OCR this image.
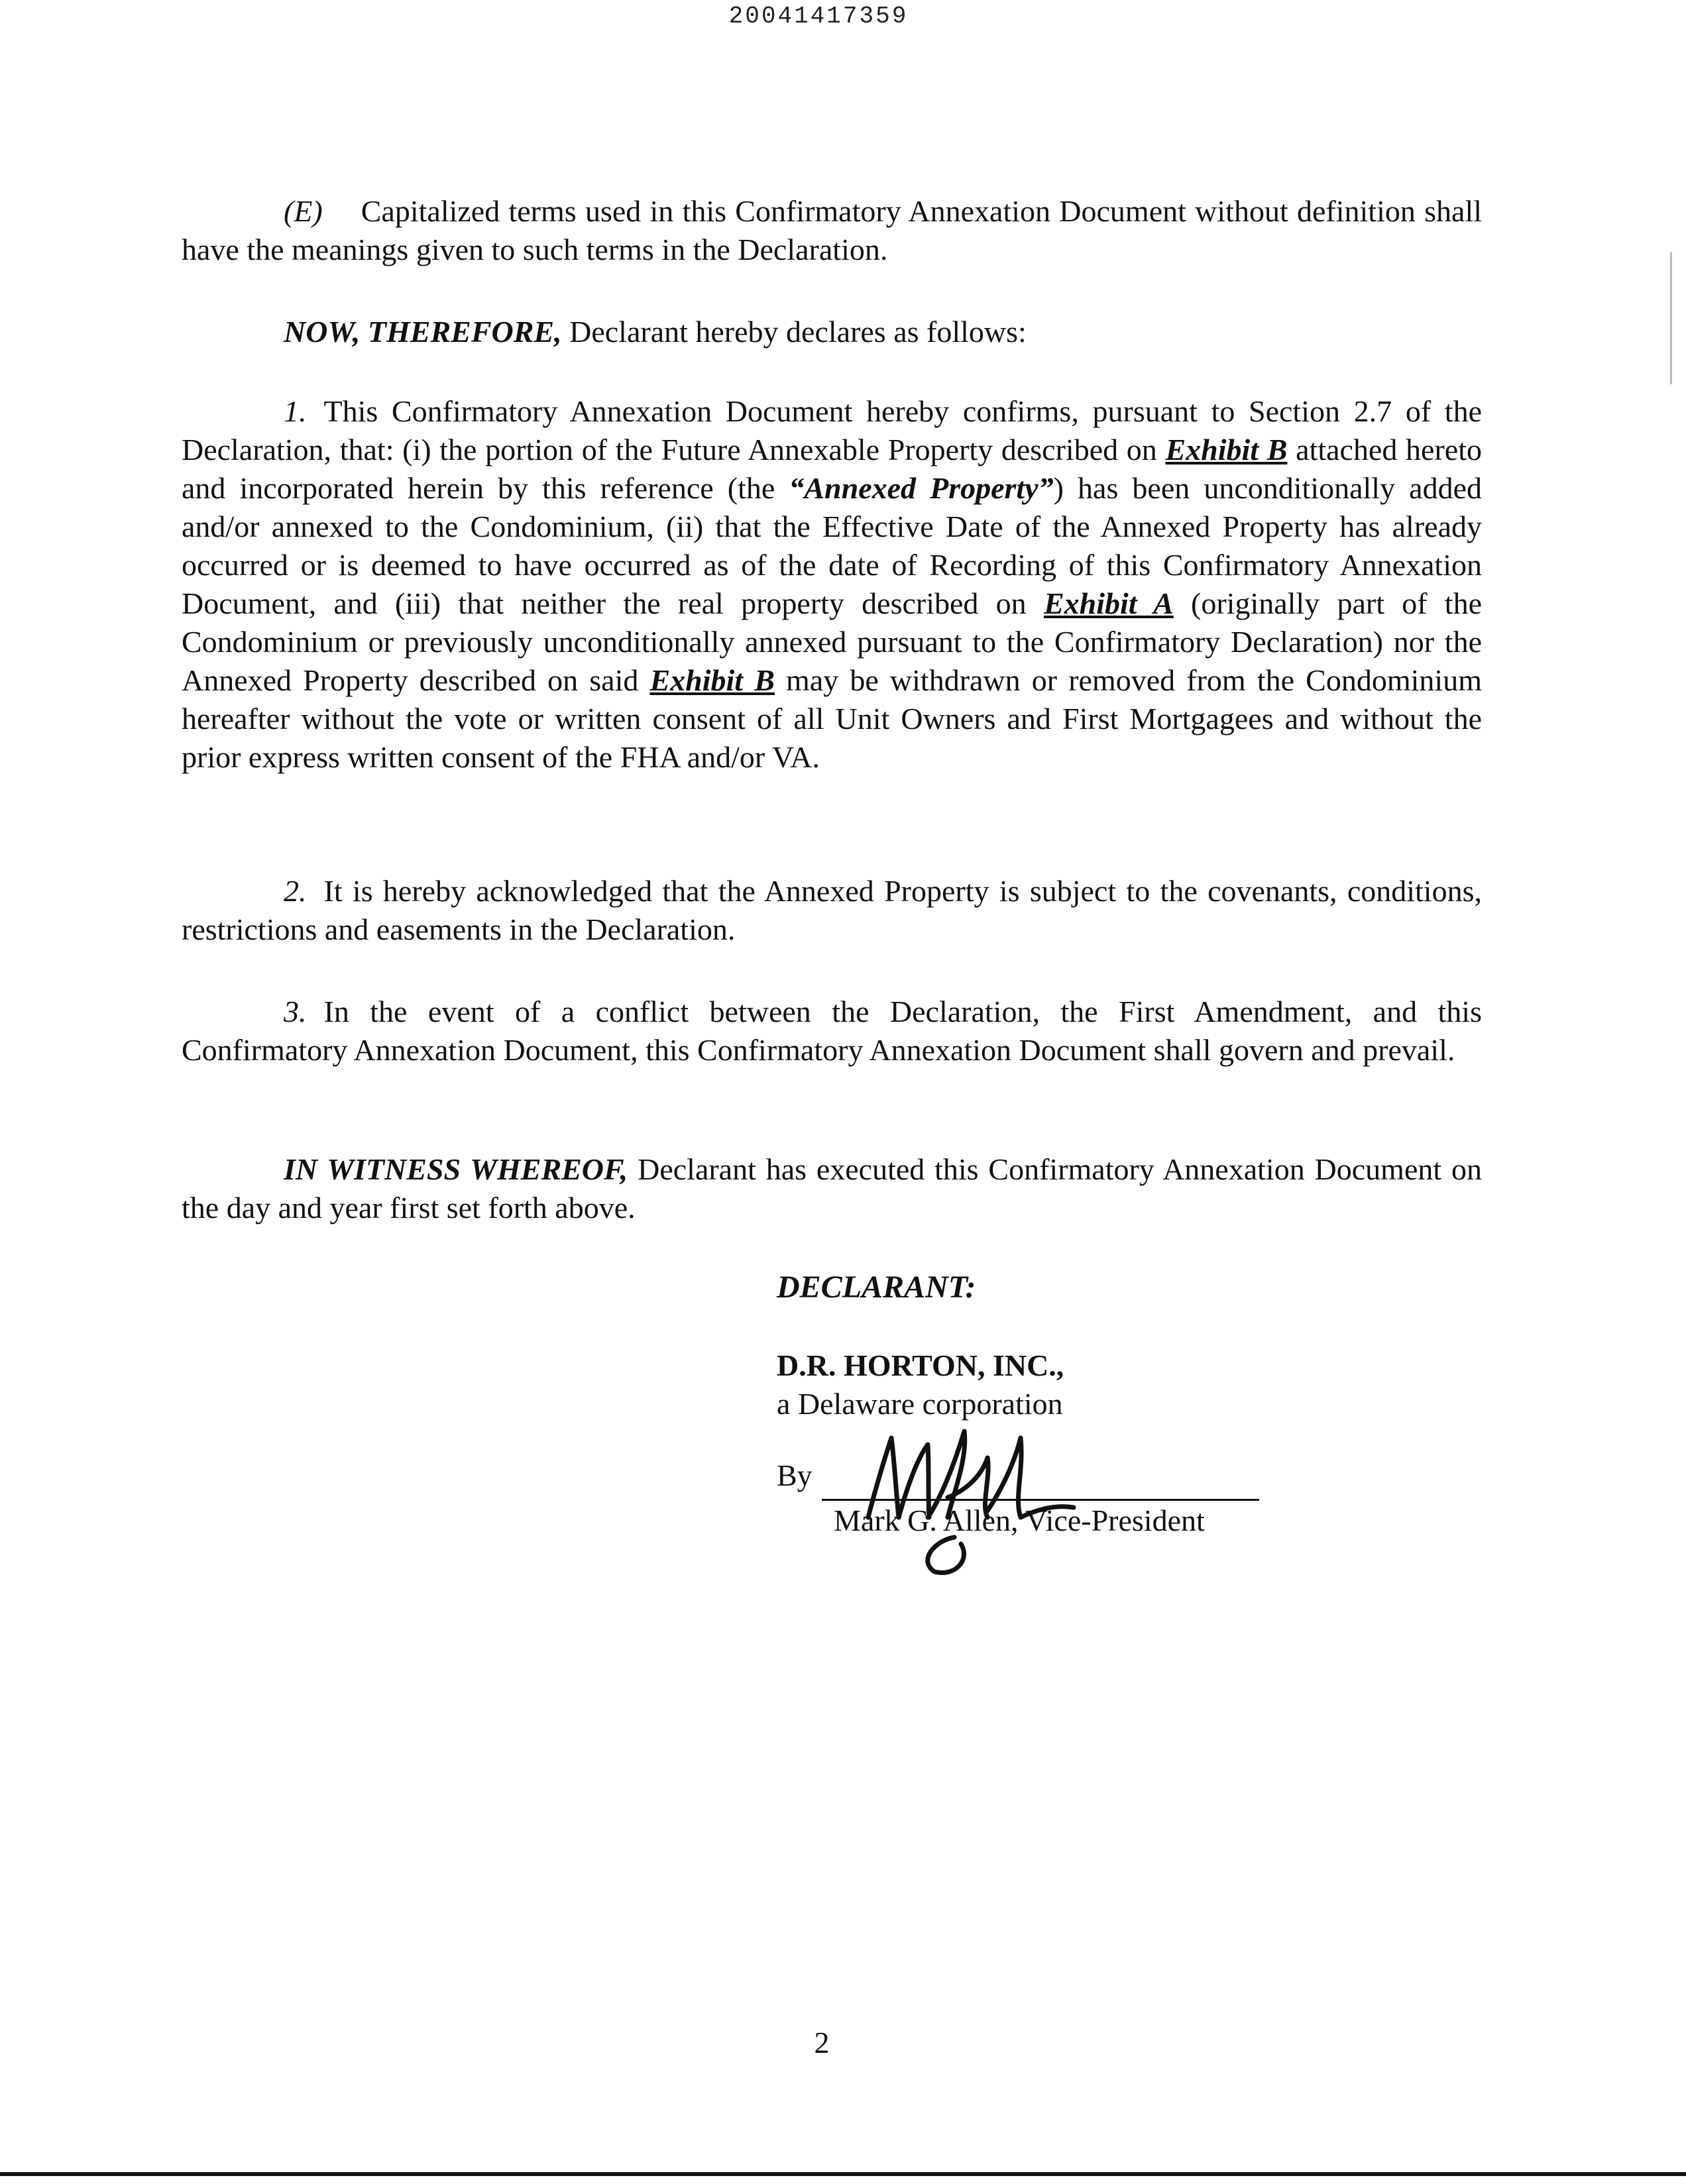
20041417359

(E) Capitalized terms used in this Confirmatory Annexation Document without definition shall have the meanings given to such terms in the Declaration.

NOW, THEREFORE, Declarant hereby declares as follows:

1. This Confirmatory Annexation Document hereby confirms, pursuant to Section 2.7 of the Declaration, that: (i) the portion of the Future Annexable Property described on Exhibit B attached hereto and incorporated herein by this reference (the “Annexed Property”) has been unconditionally added and/or annexed to the Condominium, (ii) that the Effective Date of the Annexed Property has already occurred or is deemed to have occurred as of the date of Recording of this Confirmatory Annexation Document, and (iii) that neither the real property described on Exhibit A (originally part of the Condominium or previously unconditionally annexed pursuant to the Confirmatory Declaration) nor the Annexed Property described on said Exhibit B may be withdrawn or removed from the Condominium hereafter without the vote or written consent of all Unit Owners and First Mortgagees and without the prior express written consent of the FHA and/or VA.

2. It is hereby acknowledged that the Annexed Property is subject to the covenants, conditions, restrictions and easements in the Declaration.

3. In the event of a conflict between the Declaration, the First Amendment, and this Confirmatory Annexation Document, this Confirmatory Annexation Document shall govern and prevail.

IN WITNESS WHEREOF, Declarant has executed this Confirmatory Annexation Document on the day and year first set forth above.

DECLARANT:
D.R. HORTON, INC.,
a Delaware corporation
By
Mark G. Allen, Vice-President
2
